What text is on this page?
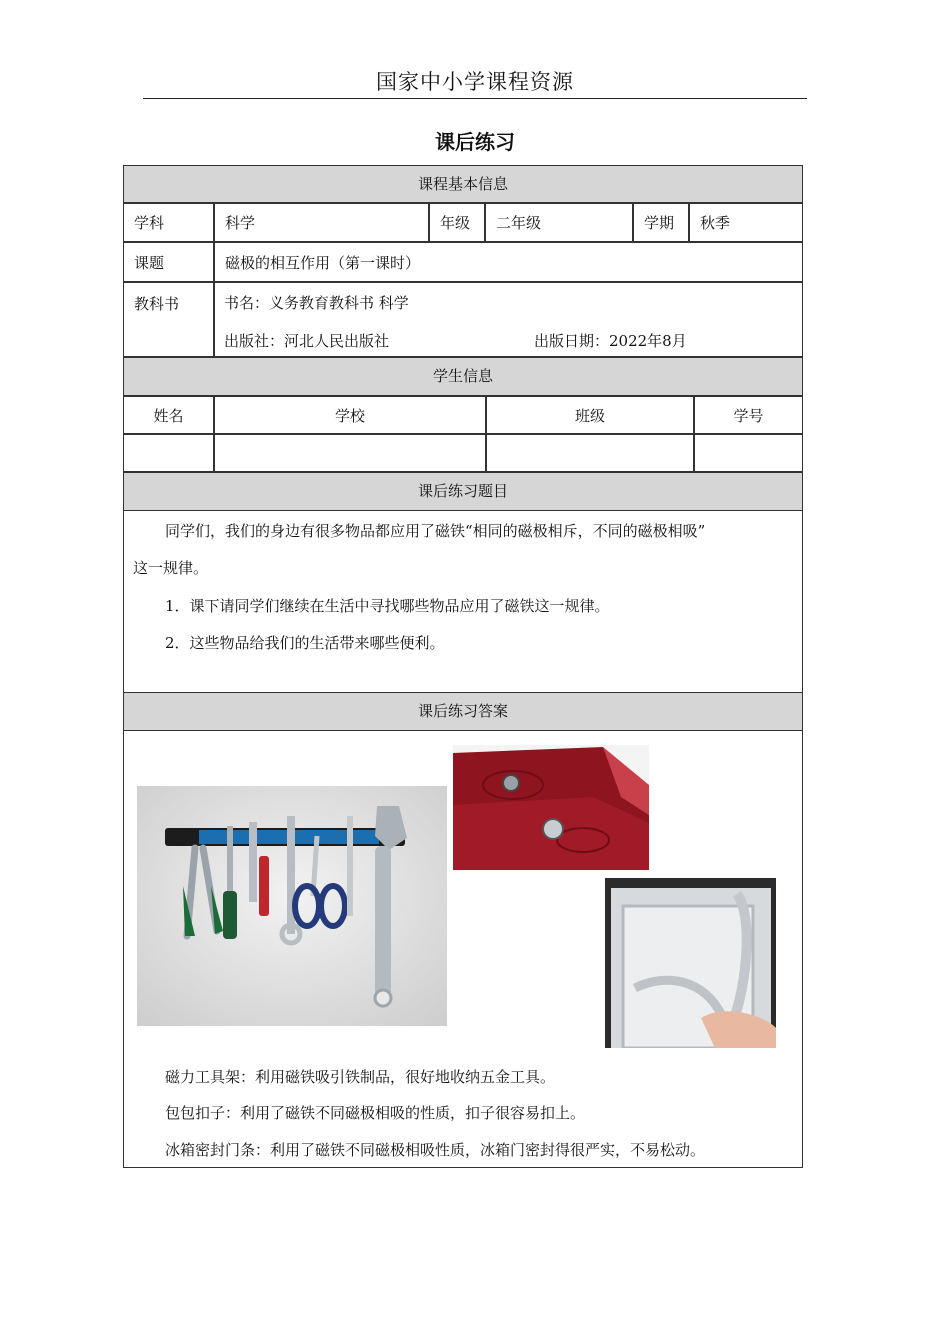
国家中小学课程资源
课后练习
课程基本信息
学科	科学	年级	二年级	学期	秋季
课题	磁极的相互作用（第一课时）
教科书	书名：义务教育教科书 科学
出版社：河北人民出版社	出版日期：2022年8月
学生信息
姓名	学校	班级	学号
课后练习题目
同学们，我们的身边有很多物品都应用了磁铁“相同的磁极相斥，不同的磁极相吸”
这一规律。
1．课下请同学们继续在生活中寻找哪些物品应用了磁铁这一规律。
2．这些物品给我们的生活带来哪些便利。
课后练习答案
磁力工具架：利用磁铁吸引铁制品，很好地收纳五金工具。
包包扣子：利用了磁铁不同磁极相吸的性质，扣子很容易扣上。
冰箱密封门条：利用了磁铁不同磁极相吸性质，冰箱门密封得很严实，不易松动。
